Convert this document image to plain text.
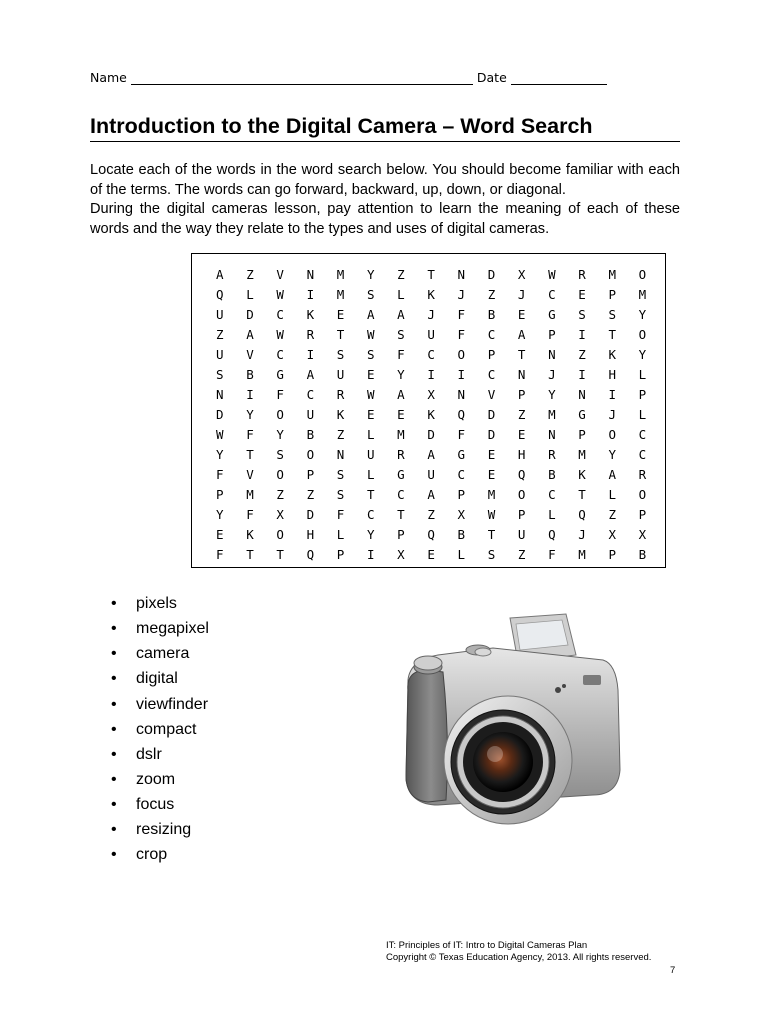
Name	Date
Introduction to the Digital Camera – Word Search

Locate each of the words in the word search below. You should become familiar with each of the terms. The words can go forward, backward, up, down, or diagonal.

During the digital cameras lesson, pay attention to learn the meaning of each of these words and the way they relate to the types and uses of digital cameras.

A	Z	V	N	M	Y	Z	T	N	D	X	W	R	M	O
Q	L	W	I	M	S	L	K	J	Z	J	C	E	P	M
U	D	C	K	E	A	A	J	F	B	E	G	S	S	Y
Z	A	W	R	T	W	S	U	F	C	A	P	I	T	O
U	V	C	I	S	S	F	C	O	P	T	N	Z	K	Y
S	B	G	A	U	E	Y	I	I	C	N	J	I	H	L
N	I	F	C	R	W	A	X	N	V	P	Y	N	I	P
D	Y	O	U	K	E	E	K	Q	D	Z	M	G	J	L
W	F	Y	B	Z	L	M	D	F	D	E	N	P	O	C
Y	T	S	O	N	U	R	A	G	E	H	R	M	Y	C
F	V	O	P	S	L	G	U	C	E	Q	B	K	A	R
P	M	Z	Z	S	T	C	A	P	M	O	C	T	L	O
Y	F	X	D	F	C	T	Z	X	W	P	L	Q	Z	P
E	K	O	H	L	Y	P	Q	B	T	U	Q	J	X	X
F	T	T	Q	P	I	X	E	L	S	Z	F	M	P	B
•	pixels
•	megapixel
•	camera
•	digital
•	viewfinder
•	compact
•	dslr
•	zoom
•	focus
•	resizing
•	crop
IT: Principles of IT: Intro to Digital Cameras Plan
Copyright © Texas Education Agency, 2013. All rights reserved.
7
